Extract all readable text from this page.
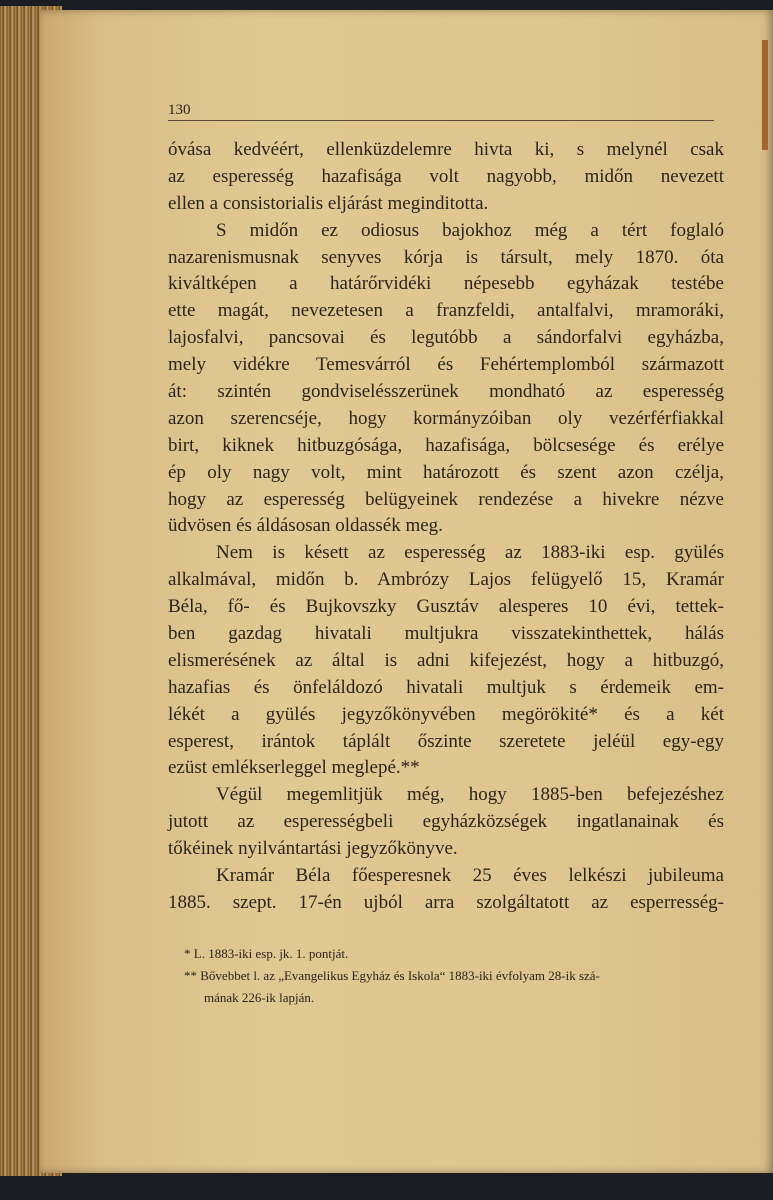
130
óvása kedvéért, ellenküzdelemre hivta ki, s melynél csak
az esperesség hazafisága volt nagyobb, midőn nevezett
ellen a consistorialis eljárást meginditotta.
S midőn ez odiosus bajokhoz még a tért foglaló
nazarenismusnak senyves kórja is társult, mely 1870. óta
kiváltképen a határőrvidéki népesebb egyházak testébe
ette magát, nevezetesen a franzfeldi, antalfalvi, mramoráki,
lajosfalvi, pancsovai és legutóbb a sándorfalvi egyházba,
mely vidékre Temesvárról és Fehértemplomból származott
át: szintén gondviselésszerünek mondható az esperesség
azon szerencséje, hogy kormányzóiban oly vezérférfiakkal
birt, kiknek hitbuzgósága, hazafisága, bölcsesége és erélye
ép oly nagy volt, mint határozott és szent azon czélja,
hogy az esperesség belügyeinek rendezése a hivekre nézve
üdvösen és áldásosan oldassék meg.
Nem is késett az esperesség az 1883-iki esp. gyülés
alkalmával, midőn b. Ambrózy Lajos felügyelő 15, Kramár
Béla, fő- és Bujkovszky Gusztáv alesperes 10 évi, tettek-
ben gazdag hivatali multjukra visszatekinthettek, hálás
elismerésének az által is adni kifejezést, hogy a hitbuzgó,
hazafias és önfeláldozó hivatali multjuk s érdemeik em-
lékét a gyülés jegyzőkönyvében megörökité* és a két
esperest, irántok táplált őszinte szeretete jeléül egy-egy
ezüst emlékserleggel meglepé.**
Végül megemlitjük még, hogy 1885-ben befejezéshez
jutott az esperességbeli egyházközségek ingatlanainak és
tőkéinek nyilvántartási jegyzőkönyve.
Kramár Béla főesperesnek 25 éves lelkészi jubileuma
1885. szept. 17-én ujból arra szolgáltatott az esperresség-
* L. 1883-iki esp. jk. 1. pontját.
** Bővebbet l. az „Evangelikus Egyház és Iskola“ 1883-iki évfolyam 28-ik szá-
mának 226-ik lapján.
